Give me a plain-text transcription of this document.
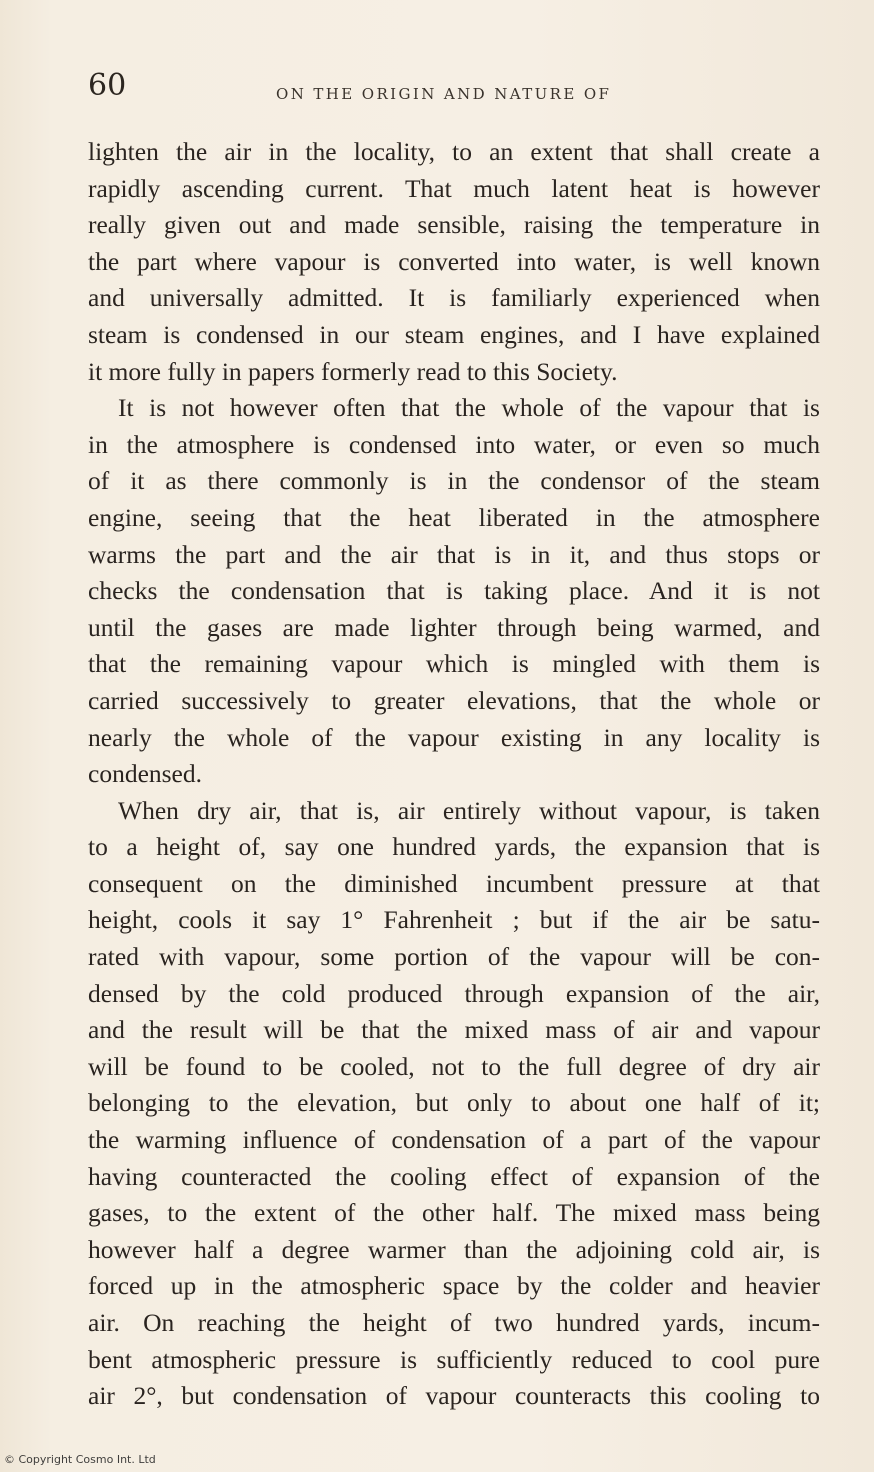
60	ON THE ORIGIN AND NATURE OF
lighten the air in the locality, to an extent that shall create a
rapidly ascending current. That much latent heat is however
really given out and made sensible, raising the temperature in
the part where vapour is converted into water, is well known
and universally admitted. It is familiarly experienced when
steam is condensed in our steam engines, and I have explained
it more fully in papers formerly read to this Society.
It is not however often that the whole of the vapour that is
in the atmosphere is condensed into water, or even so much
of it as there commonly is in the condensor of the steam
engine, seeing that the heat liberated in the atmosphere
warms the part and the air that is in it, and thus stops or
checks the condensation that is taking place. And it is not
until the gases are made lighter through being warmed, and
that the remaining vapour which is mingled with them is
carried successively to greater elevations, that the whole or
nearly the whole of the vapour existing in any locality is
condensed.
When dry air, that is, air entirely without vapour, is taken
to a height of, say one hundred yards, the expansion that is
consequent on the diminished incumbent pressure at that
height, cools it say 1° Fahrenheit ; but if the air be satu-
rated with vapour, some portion of the vapour will be con-
densed by the cold produced through expansion of the air,
and the result will be that the mixed mass of air and vapour
will be found to be cooled, not to the full degree of dry air
belonging to the elevation, but only to about one half of it;
the warming influence of condensation of a part of the vapour
having counteracted the cooling effect of expansion of the
gases, to the extent of the other half. The mixed mass being
however half a degree warmer than the adjoining cold air, is
forced up in the atmospheric space by the colder and heavier
air. On reaching the height of two hundred yards, incum-
bent atmospheric pressure is sufficiently reduced to cool pure
air 2°, but condensation of vapour counteracts this cooling to
© Copyright Cosmo Int. Ltd
